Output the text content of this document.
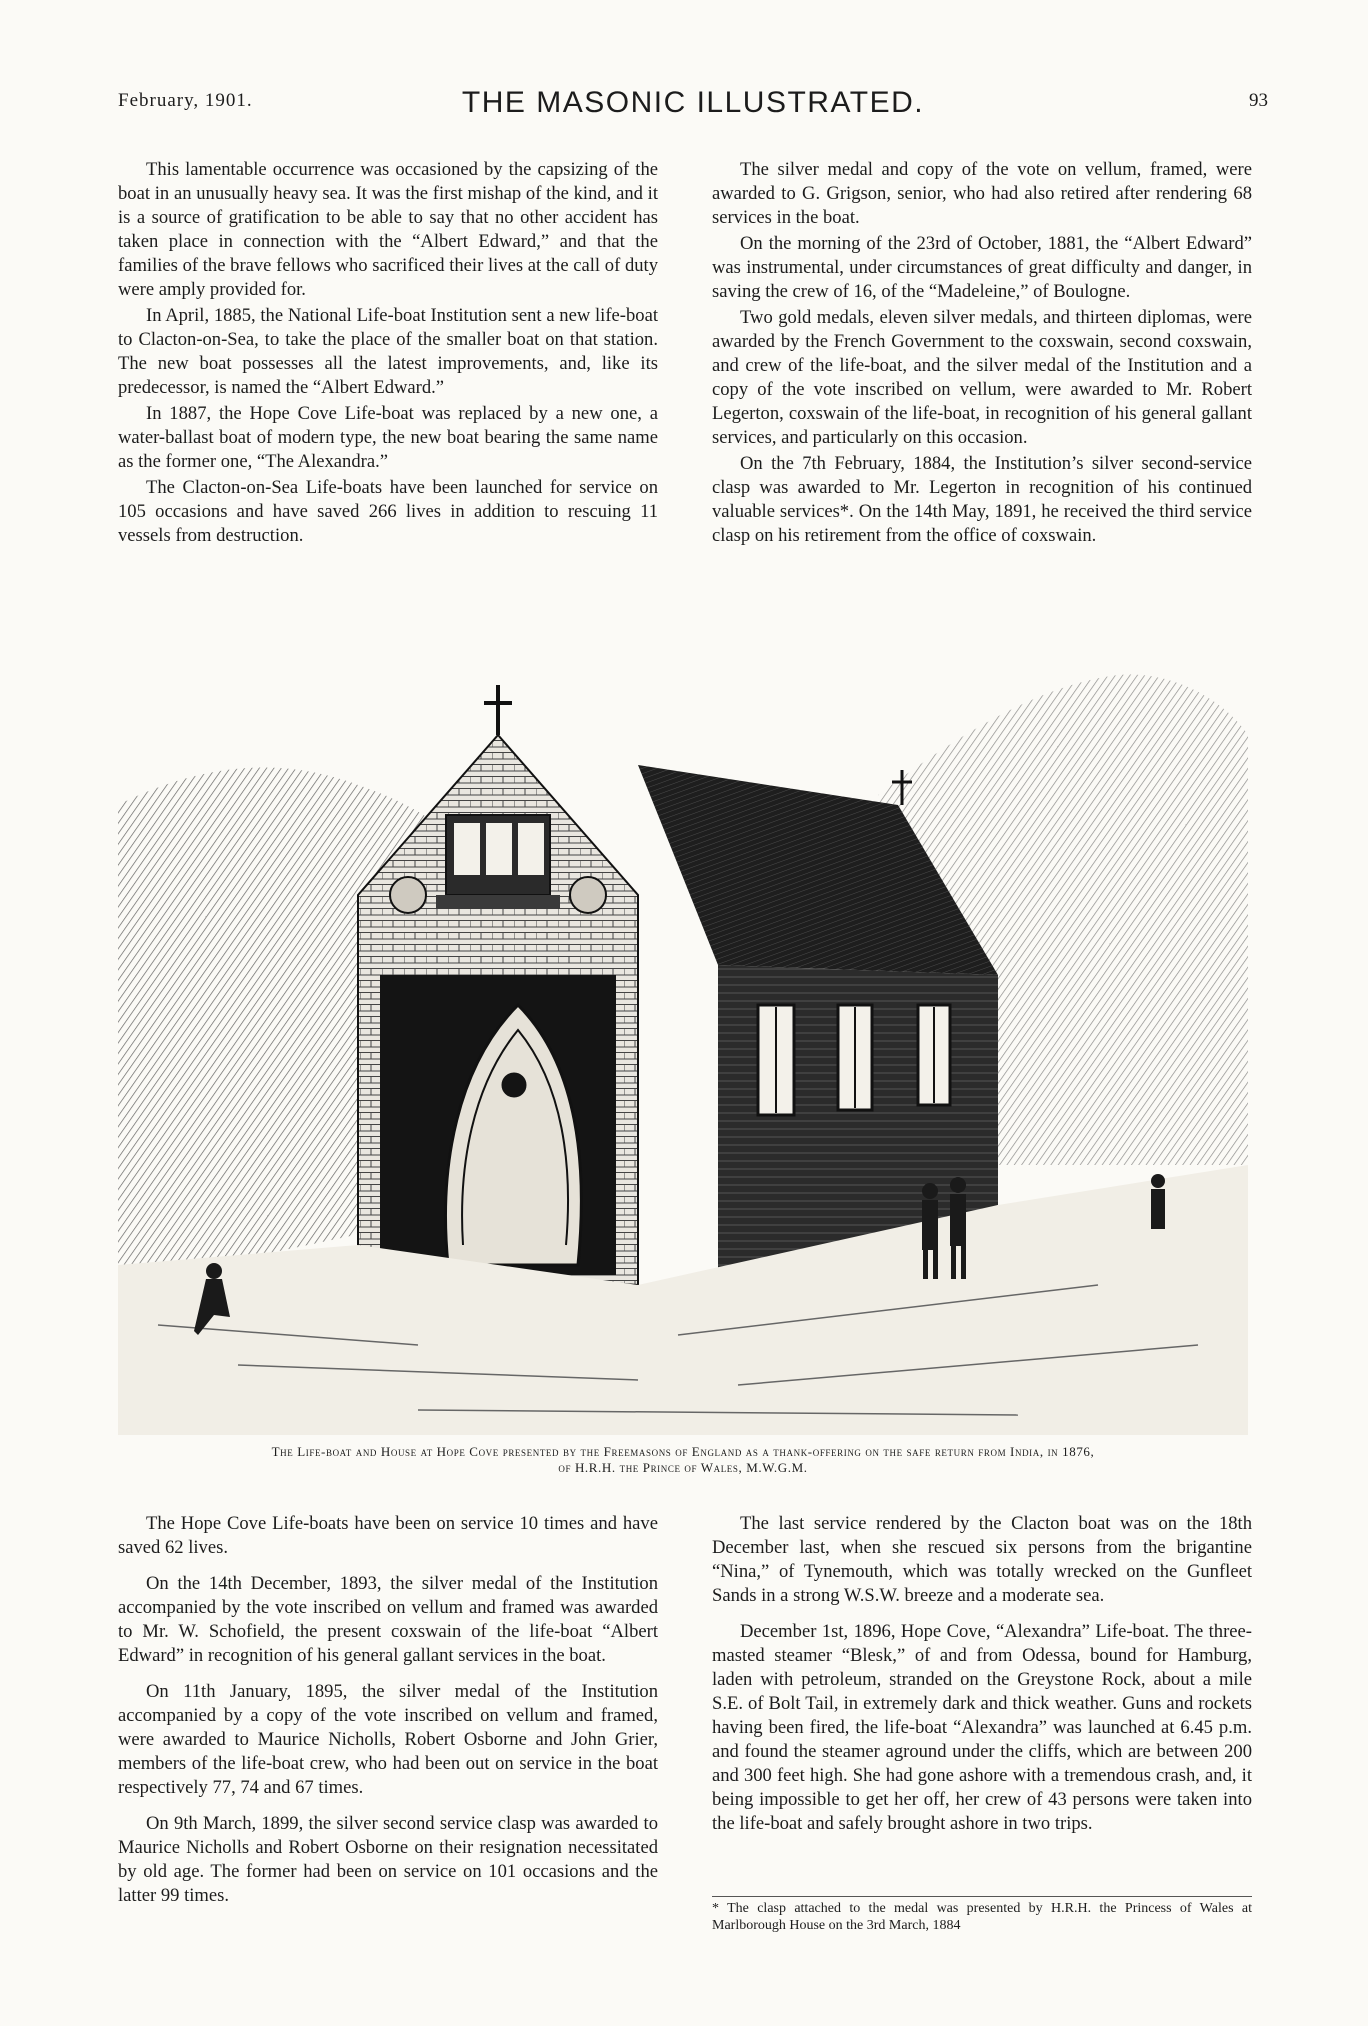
February, 1901.	THE MASONIC ILLUSTRATED.	93

This lamentable occurrence was occasioned by the capsizing of the boat in an unusually heavy sea. It was the first mishap of the kind, and it is a source of gratification to be able to say that no other accident has taken place in connection with the “Albert Edward,” and that the families of the brave fellows who sacrificed their lives at the call of duty were amply provided for.

In April, 1885, the National Life-boat Institution sent a new life-boat to Clacton-on-Sea, to take the place of the smaller boat on that station. The new boat possesses all the latest improvements, and, like its predecessor, is named the “Albert Edward.”

In 1887, the Hope Cove Life-boat was replaced by a new one, a water-ballast boat of modern type, the new boat bearing the same name as the former one, “The Alexandra.”

The Clacton-on-Sea Life-boats have been launched for service on 105 occasions and have saved 266 lives in addition to rescuing 11 vessels from destruction.

The silver medal and copy of the vote on vellum, framed, were awarded to G. Grigson, senior, who had also retired after rendering 68 services in the boat.

On the morning of the 23rd of October, 1881, the “Albert Edward” was instrumental, under circumstances of great difficulty and danger, in saving the crew of 16, of the “Madeleine,” of Boulogne.

Two gold medals, eleven silver medals, and thirteen diplomas, were awarded by the French Government to the coxswain, second coxswain, and crew of the life-boat, and the silver medal of the Institution and a copy of the vote inscribed on vellum, were awarded to Mr. Robert Legerton, coxswain of the life-boat, in recognition of his general gallant services, and particularly on this occasion.

On the 7th February, 1884, the Institution’s silver second-service clasp was awarded to Mr. Legerton in recognition of his continued valuable services*. On the 14th May, 1891, he received the third service clasp on his retirement from the office of coxswain.

The Life-boat and House at Hope Cove presented by the Freemasons of England as a thank-offering on the safe return from India, in 1876,
of H.R.H. the Prince of Wales, M.W.G.M.

The Hope Cove Life-boats have been on service 10 times and have saved 62 lives.

On the 14th December, 1893, the silver medal of the Institution accompanied by the vote inscribed on vellum and framed was awarded to Mr. W. Schofield, the present coxswain of the life-boat “Albert Edward” in recognition of his general gallant services in the boat.

On 11th January, 1895, the silver medal of the Institution accompanied by a copy of the vote inscribed on vellum and framed, were awarded to Maurice Nicholls, Robert Osborne and John Grier, members of the life-boat crew, who had been out on service in the boat respectively 77, 74 and 67 times.

On 9th March, 1899, the silver second service clasp was awarded to Maurice Nicholls and Robert Osborne on their resignation necessitated by old age. The former had been on service on 101 occasions and the latter 99 times.

The last service rendered by the Clacton boat was on the 18th December last, when she rescued six persons from the brigantine “Nina,” of Tynemouth, which was totally wrecked on the Gunfleet Sands in a strong W.S.W. breeze and a moderate sea.

December 1st, 1896, Hope Cove, “Alexandra” Life-boat. The three-masted steamer “Blesk,” of and from Odessa, bound for Hamburg, laden with petroleum, stranded on the Greystone Rock, about a mile S.E. of Bolt Tail, in extremely dark and thick weather. Guns and rockets having been fired, the life-boat “Alexandra” was launched at 6.45 p.m. and found the steamer aground under the cliffs, which are between 200 and 300 feet high. She had gone ashore with a tremendous crash, and, it being impossible to get her off, her crew of 43 persons were taken into the life-boat and safely brought ashore in two trips.

* The clasp attached to the medal was presented by H.R.H. the Princess of Wales at Marlborough House on the 3rd March, 1884
